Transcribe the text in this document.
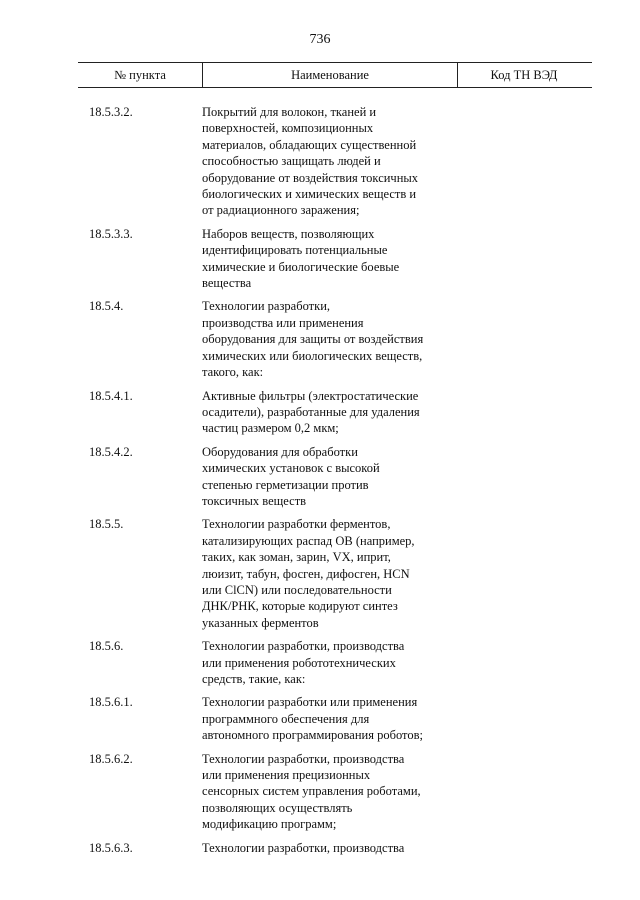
736
№ пункта	Наименование	Код ТН ВЭД
18.5.3.2.	Покрытий для волокон, тканей и
поверхностей, композиционных
материалов, обладающих существенной
способностью защищать людей и
оборудование от воздействия токсичных
биологических и химических веществ и
от радиационного заражения;
18.5.3.3.	Наборов веществ, позволяющих
идентифицировать потенциальные
химические и биологические боевые
вещества
18.5.4.	Технологии разработки,
производства или применения
оборудования для защиты от воздействия
химических или биологических веществ,
такого, как:
18.5.4.1.	Активные фильтры (электростатические
осадители), разработанные для удаления
частиц размером 0,2 мкм;
18.5.4.2.	Оборудования для обработки
химических установок с высокой
степенью герметизации против
токсичных веществ
18.5.5.	Технологии разработки ферментов,
катализирующих распад ОВ (например,
таких, как зоман, зарин, VX, иприт,
люизит, табун, фосген, дифосген, HCN
или ClCN) или последовательности
ДНК/РНК, которые кодируют синтез
указанных ферментов
18.5.6.	Технологии разработки, производства
или применения робототехнических
средств, такие, как:
18.5.6.1.	Технологии разработки или применения
программного обеспечения для
автономного программирования роботов;
18.5.6.2.	Технологии разработки, производства
или применения прецизионных
сенсорных систем управления роботами,
позволяющих осуществлять
модификацию программ;
18.5.6.3.	Технологии разработки, производства
